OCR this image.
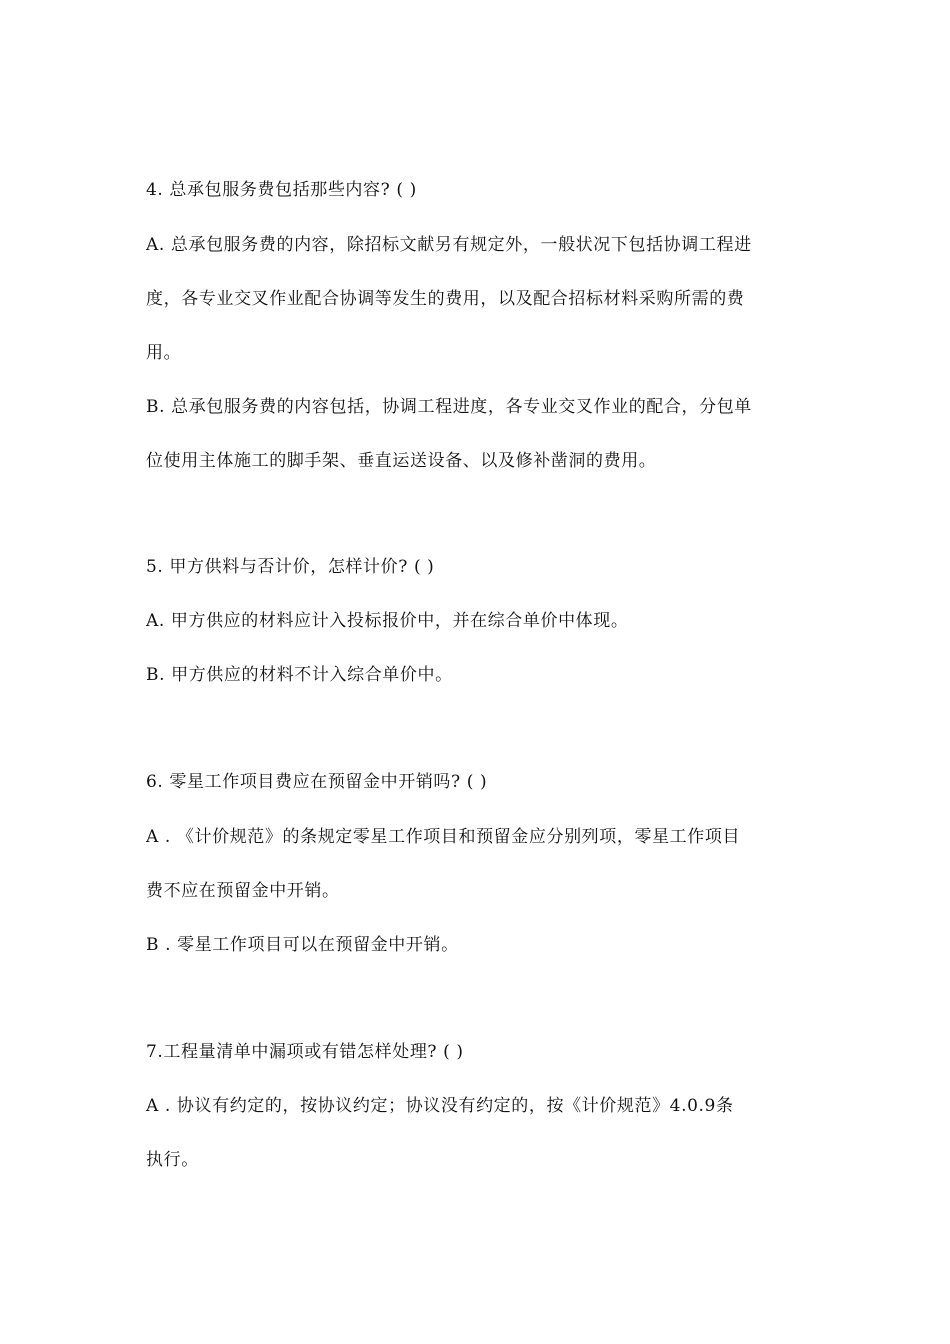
4. 总承包服务费包括那些内容? ( )
A. 总承包服务费的内容，除招标文献另有规定外，一般状况下包括协调工程进
度，各专业交叉作业配合协调等发生的费用，以及配合招标材料采购所需的费
用。
B. 总承包服务费的内容包括，协调工程进度，各专业交叉作业的配合，分包单
位使用主体施工的脚手架、垂直运送设备、以及修补凿洞的费用。
5. 甲方供料与否计价，怎样计价? ( )
A. 甲方供应的材料应计入投标报价中，并在综合单价中体现。
B. 甲方供应的材料不计入综合单价中。
6. 零星工作项目费应在预留金中开销吗? ( )
A . 《计价规范》的条规定零星工作项目和预留金应分别列项，零星工作项目
费不应在预留金中开销。
B . 零星工作项目可以在预留金中开销。
7.工程量清单中漏项或有错怎样处理? ( )
A . 协议有约定的，按协议约定；协议没有约定的，按《计价规范》4.0.9条
执行。
